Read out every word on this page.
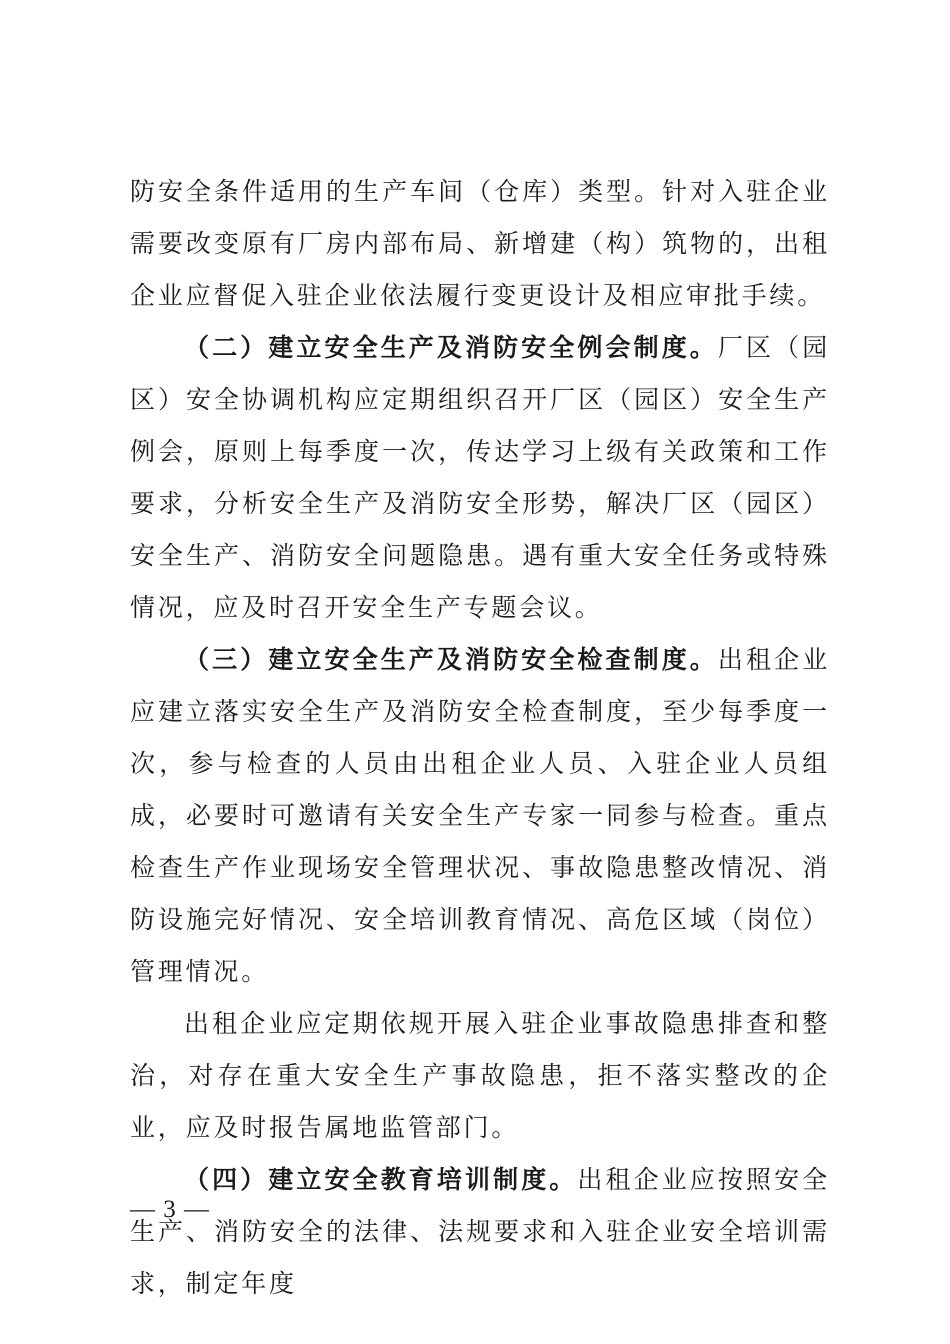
防安全条件适用的生产车间（仓库）类型。针对入驻企业需要改变原有厂房内部布局、新增建（构）筑物的，出租企业应督促入驻企业依法履行变更设计及相应审批手续。

（二）建立安全生产及消防安全例会制度。厂区（园区）安全协调机构应定期组织召开厂区（园区）安全生产例会，原则上每季度一次，传达学习上级有关政策和工作要求，分析安全生产及消防安全形势，解决厂区（园区）安全生产、消防安全问题隐患。遇有重大安全任务或特殊情况，应及时召开安全生产专题会议。

（三）建立安全生产及消防安全检查制度。出租企业应建立落实安全生产及消防安全检查制度，至少每季度一次，参与检查的人员由出租企业人员、入驻企业人员组成，必要时可邀请有关安全生产专家一同参与检查。重点检查生产作业现场安全管理状况、事故隐患整改情况、消防设施完好情况、安全培训教育情况、高危区域（岗位）管理情况。

出租企业应定期依规开展入驻企业事故隐患排查和整治，对存在重大安全生产事故隐患，拒不落实整改的企业，应及时报告属地监管部门。

（四）建立安全教育培训制度。出租企业应按照安全生产、消防安全的法律、法规要求和入驻企业安全培训需求，制定年度

— 3 —
